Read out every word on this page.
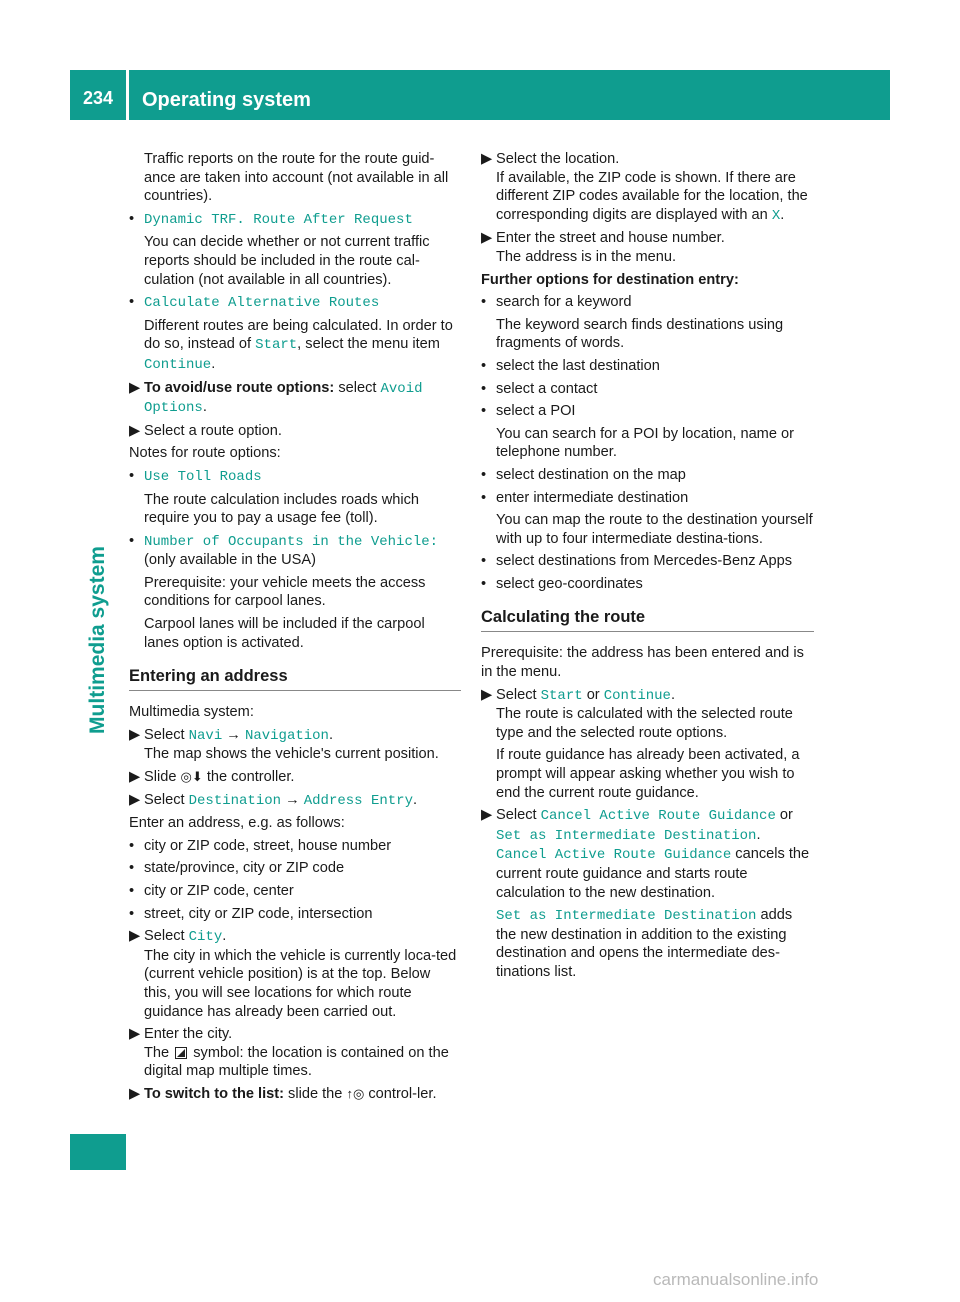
234	Operating system
Multimedia system

Traffic reports on the route for the route guid-ance are taken into account (not available in all countries).

• Dynamic TRF. Route After Request

You can decide whether or not current traffic reports should be included in the route cal-culation (not available in all countries).

• Calculate Alternative Routes

Different routes are being calculated. In order to do so, instead of Start, select the menu item Continue.

▶ To avoid/use route options: select Avoid Options.

▶ Select a route option.

Notes for route options:

• Use Toll Roads

The route calculation includes roads which require you to pay a usage fee (toll).

• Number of Occupants in the Vehicle:
(only available in the USA)

Prerequisite: your vehicle meets the access conditions for carpool lanes.

Carpool lanes will be included if the carpool lanes option is activated.

Entering an address

Multimedia system:

▶ Select Navi → Navigation.
The map shows the vehicle's current position.

▶ Slide ◎⬇ the controller.

▶ Select Destination → Address Entry.

Enter an address, e.g. as follows:

• city or ZIP code, street, house number

• state/province, city or ZIP code

• city or ZIP code, center

• street, city or ZIP code, intersection

▶ Select City.
The city in which the vehicle is currently loca-ted (current vehicle position) is at the top. Below this, you will see locations for which route guidance has already been carried out.

▶ Enter the city.
The  symbol: the location is contained on the digital map multiple times.

▶ To switch to the list: slide the ↑◎ control-ler.

▶ Select the location.
If available, the ZIP code is shown. If there are different ZIP codes available for the location, the corresponding digits are displayed with an X.

▶ Enter the street and house number.
The address is in the menu.

Further options for destination entry:

• search for a keyword

The keyword search finds destinations using fragments of words.

• select the last destination

• select a contact

• select a POI

You can search for a POI by location, name or telephone number.

• select destination on the map

• enter intermediate destination

You can map the route to the destination yourself with up to four intermediate destina-tions.

• select destinations from Mercedes-Benz Apps

• select geo-coordinates

Calculating the route

Prerequisite: the address has been entered and is in the menu.

▶ Select Start or Continue.
The route is calculated with the selected route type and the selected route options.

If route guidance has already been activated, a prompt will appear asking whether you wish to end the current route guidance.

▶ Select Cancel Active Route Guidance or Set as Intermediate Destination.
Cancel Active Route Guidance cancels the current route guidance and starts route calculation to the new destination.

Set as Intermediate Destination adds the new destination in addition to the existing destination and opens the intermediate des-tinations list.

carmanualsonline.info
